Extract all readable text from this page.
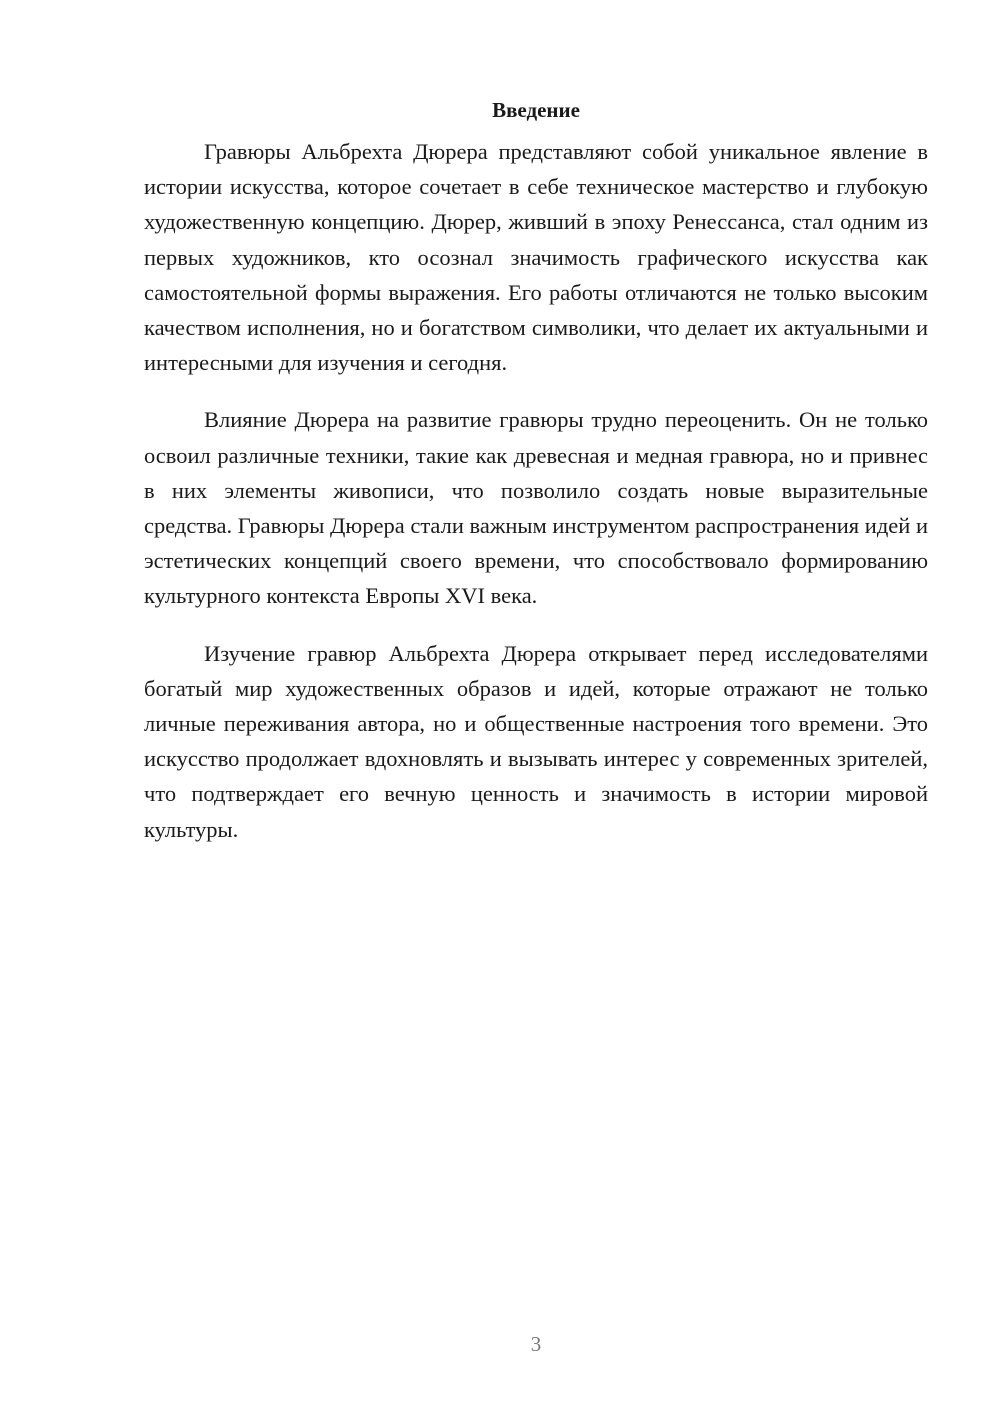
Введение

Гравюры Альбрехта Дюрера представляют собой уникальное явление в истории искусства, которое сочетает в себе техническое мастерство и глубокую художественную концепцию. Дюрер, живший в эпоху Ренессанса, стал одним из первых художников, кто осознал значимость графического искусства как самостоятельной формы выражения. Его работы отличаются не только высоким качеством исполнения, но и богатством символики, что делает их актуальными и интересными для изучения и сегодня.

Влияние Дюрера на развитие гравюры трудно переоценить. Он не только освоил различные техники, такие как древесная и медная гравюра, но и привнес в них элементы живописи, что позволило создать новые выразительные средства. Гравюры Дюрера стали важным инструментом распространения идей и эстетических концепций своего времени, что способствовало формированию культурного контекста Европы XVI века.

Изучение гравюр Альбрехта Дюрера открывает перед исследователями богатый мир художественных образов и идей, которые отражают не только личные переживания автора, но и общественные настроения того времени. Это искусство продолжает вдохновлять и вызывать интерес у современных зрителей, что подтверждает его вечную ценность и значимость в истории мировой культуры.

3
